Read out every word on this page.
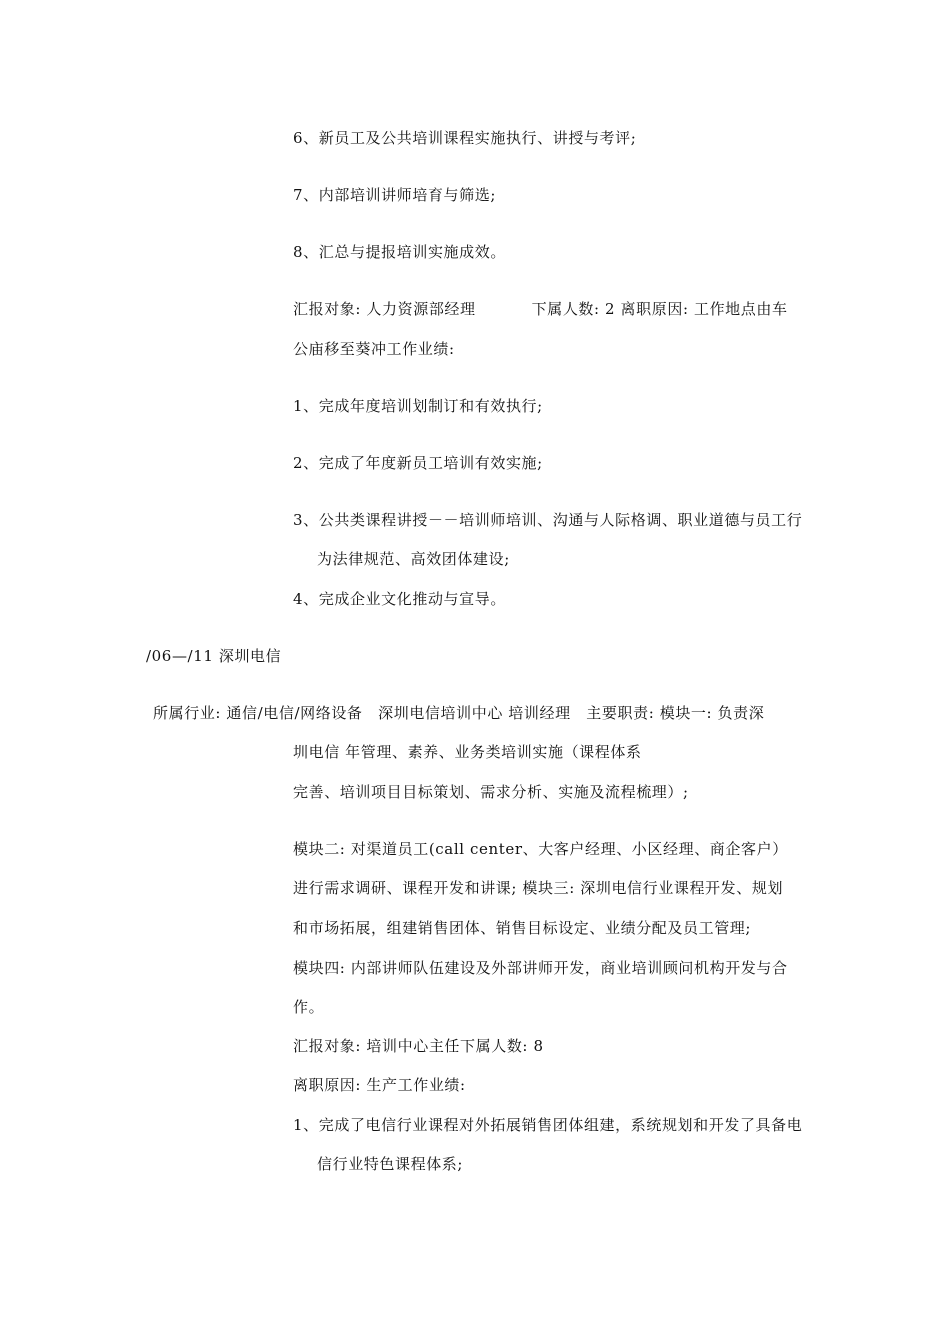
6、新员工及公共培训课程实施执行、讲授与考评;
7、内部培训讲师培育与筛选;
8、汇总与提报培训实施成效。
汇报对象: 人力资源部经理	下属人数: 2 离职原因: 工作地点由车
公庙移至葵冲工作业绩:
1、完成年度培训划制订和有效执行;
2、完成了年度新员工培训有效实施;
3、公共类课程讲授－－培训师培训、沟通与人际格调、职业道德与员工行
为法律规范、高效团体建设;
4、完成企业文化推动与宣导。
/06—/11 深圳电信
所属行业: 通信/电信/网络设备　深圳电信培训中心 培训经理　主要职责: 模块一: 负责深
圳电信 年管理、素养、业务类培训实施（课程体系
完善、培训项目目标策划、需求分析、实施及流程梳理）;
模块二: 对渠道员工(call center、大客户经理、小区经理、商企客户）
进行需求调研、课程开发和讲课; 模块三: 深圳电信行业课程开发、规划
和市场拓展，组建销售团体、销售目标设定、业绩分配及员工管理;
模块四: 内部讲师队伍建设及外部讲师开发，商业培训顾问机构开发与合
作。
汇报对象: 培训中心主任下属人数: 8
离职原因: 生产工作业绩:
1、完成了电信行业课程对外拓展销售团体组建，系统规划和开发了具备电
信行业特色课程体系;
